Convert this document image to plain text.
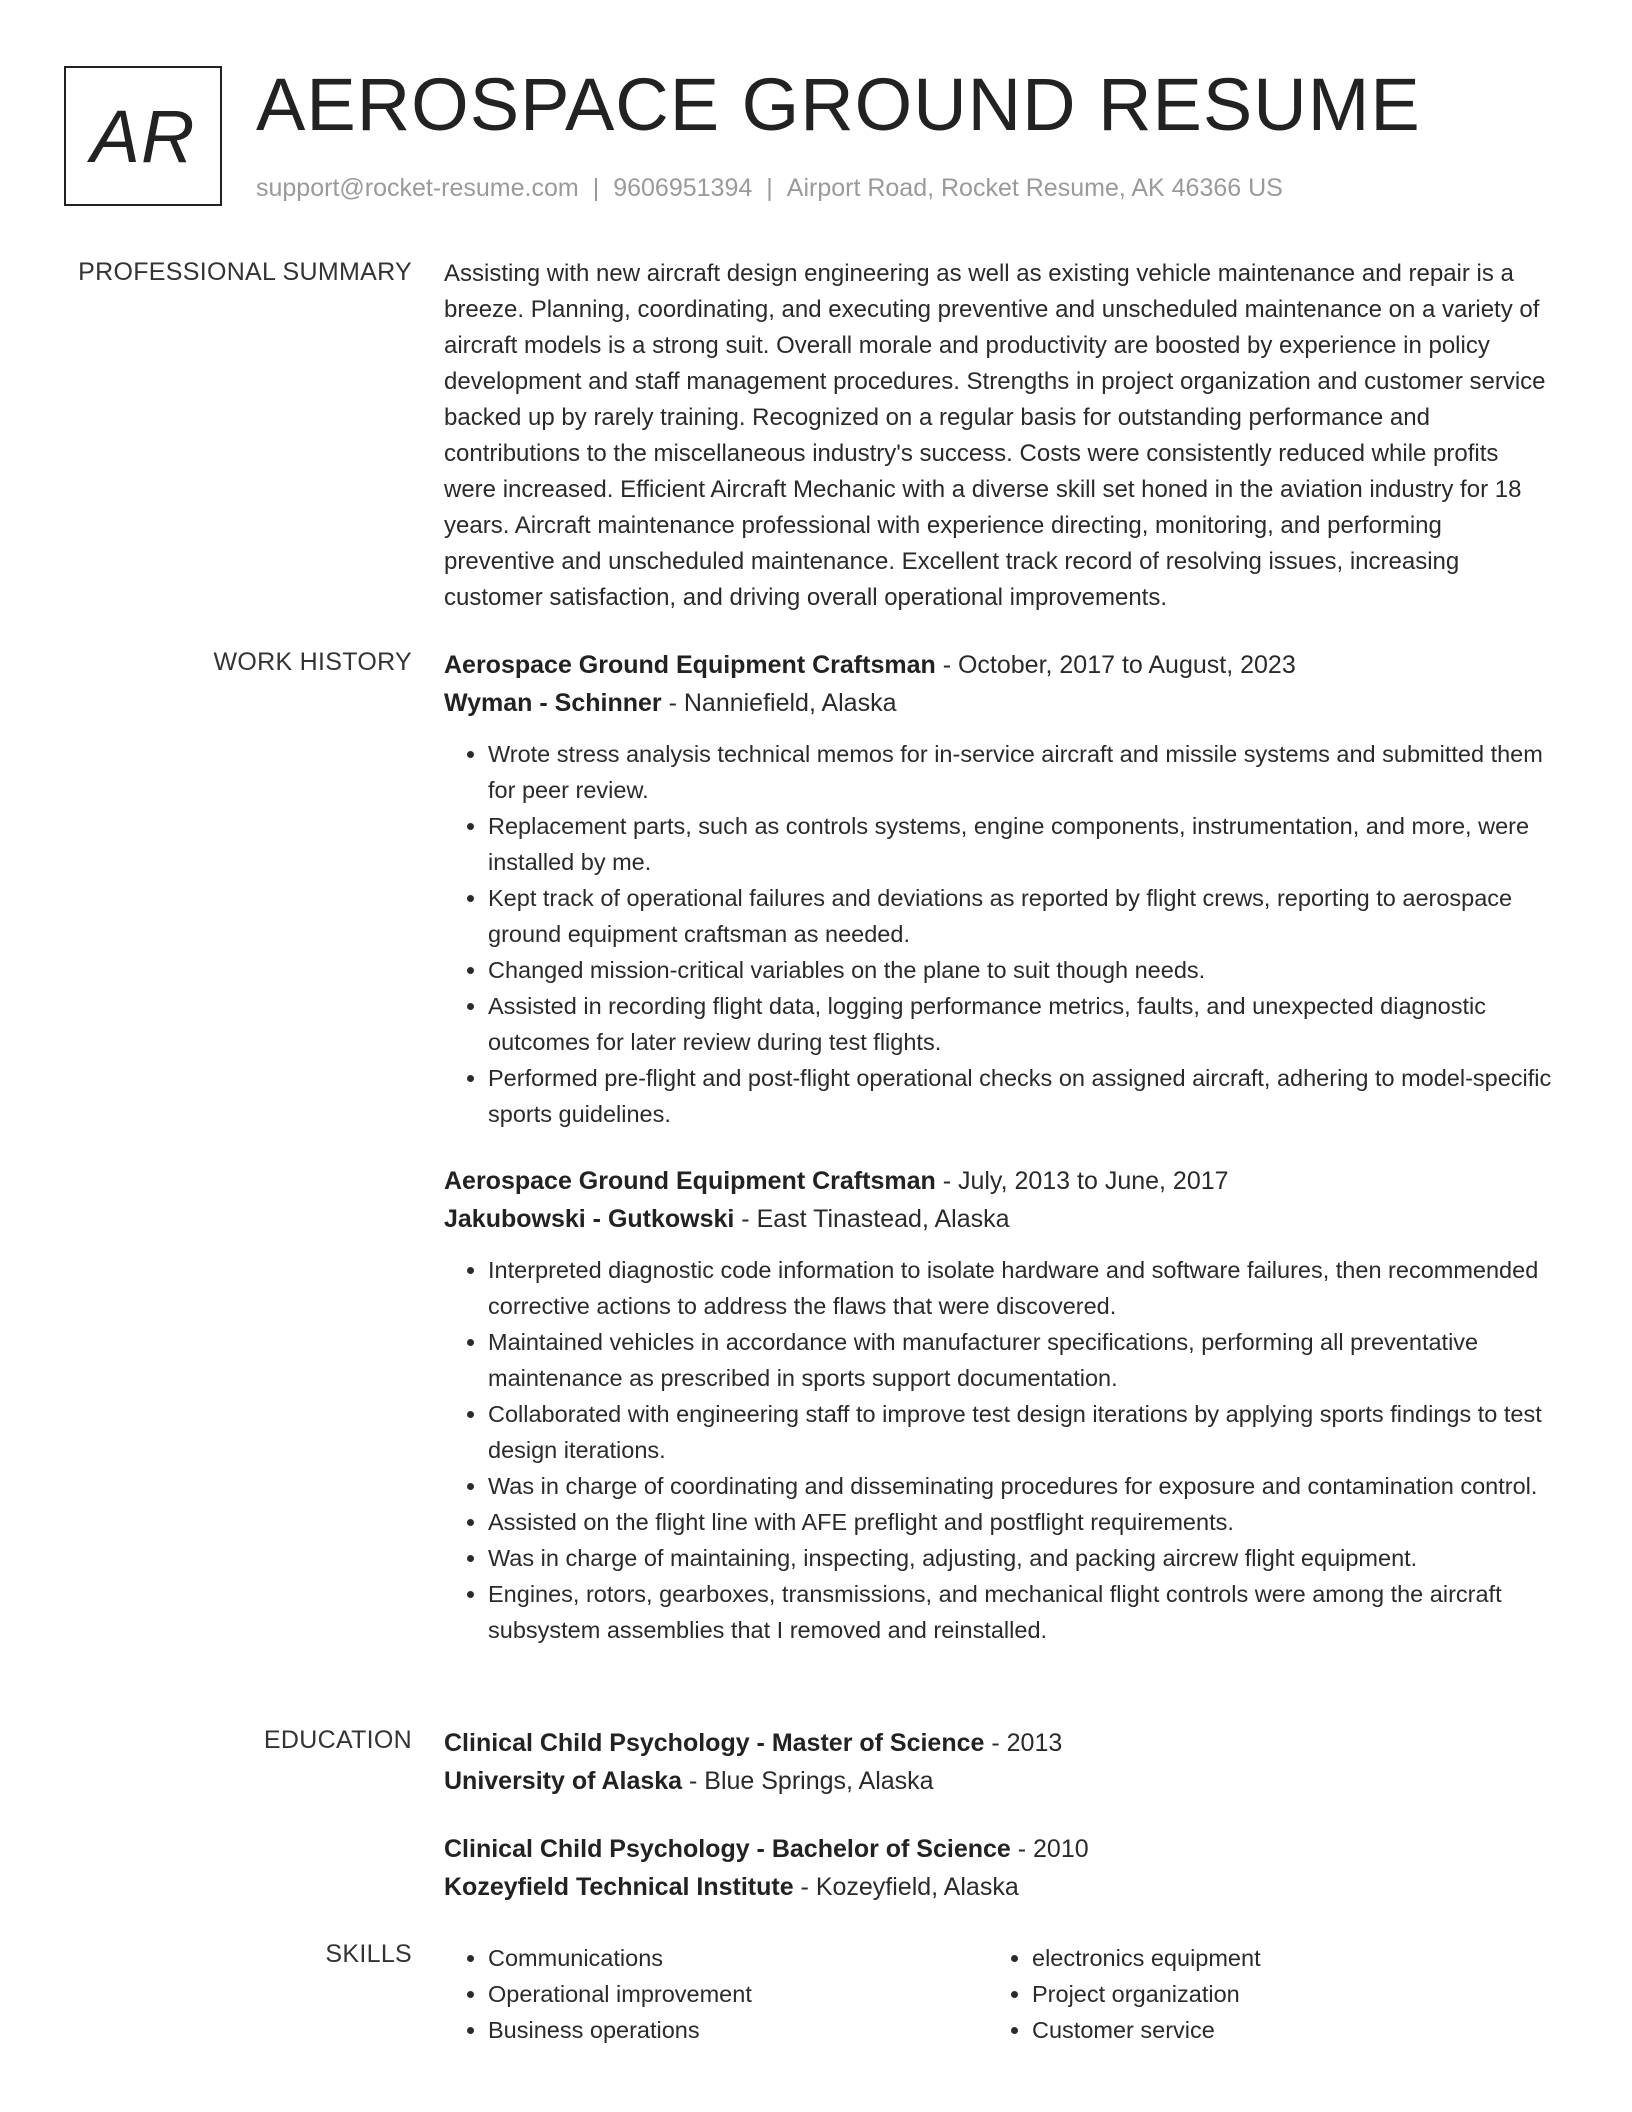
AR AEROSPACE GROUND RESUME
support@rocket-resume.com | 9606951394 | Airport Road, Rocket Resume, AK 46366 US
PROFESSIONAL SUMMARY Assisting with new aircraft design engineering as well as existing vehicle maintenance and repair is a breeze. Planning, coordinating, and executing preventive and unscheduled maintenance on a variety of aircraft models is a strong suit. Overall morale and productivity are boosted by experience in policy development and staff management procedures. Strengths in project organization and customer service backed up by rarely training. Recognized on a regular basis for outstanding performance and contributions to the miscellaneous industry's success. Costs were consistently reduced while profits were increased. Efficient Aircraft Mechanic with a diverse skill set honed in the aviation industry for 18 years. Aircraft maintenance professional with experience directing, monitoring, and performing preventive and unscheduled maintenance. Excellent track record of resolving issues, increasing customer satisfaction, and driving overall operational improvements.

WORK HISTORY Aerospace Ground Equipment Craftsman - October, 2017 to August, 2023
Wyman - Schinner - Nanniefield, Alaska
• Wrote stress analysis technical memos for in-service aircraft and missile systems and submitted them for peer review.
• Replacement parts, such as controls systems, engine components, instrumentation, and more, were installed by me.
• Kept track of operational failures and deviations as reported by flight crews, reporting to aerospace ground equipment craftsman as needed.
• Changed mission-critical variables on the plane to suit though needs.
• Assisted in recording flight data, logging performance metrics, faults, and unexpected diagnostic outcomes for later review during test flights.
• Performed pre-flight and post-flight operational checks on assigned aircraft, adhering to model-specific sports guidelines.
Aerospace Ground Equipment Craftsman - July, 2013 to June, 2017
Jakubowski - Gutkowski - East Tinastead, Alaska
• Interpreted diagnostic code information to isolate hardware and software failures, then recommended corrective actions to address the flaws that were discovered.
• Maintained vehicles in accordance with manufacturer specifications, performing all preventative maintenance as prescribed in sports support documentation.
• Collaborated with engineering staff to improve test design iterations by applying sports findings to test design iterations.
• Was in charge of coordinating and disseminating procedures for exposure and contamination control.
• Assisted on the flight line with AFE preflight and postflight requirements.
• Was in charge of maintaining, inspecting, adjusting, and packing aircrew flight equipment.
• Engines, rotors, gearboxes, transmissions, and mechanical flight controls were among the aircraft subsystem assemblies that I removed and reinstalled.
EDUCATION Clinical Child Psychology - Master of Science - 2013
University of Alaska - Blue Springs, Alaska
Clinical Child Psychology - Bachelor of Science - 2010
Kozeyfield Technical Institute - Kozeyfield, Alaska
SKILLS
•	Communications
• Operational improvement
• Business operations
• electronics equipment
• Project organization
• Customer service
